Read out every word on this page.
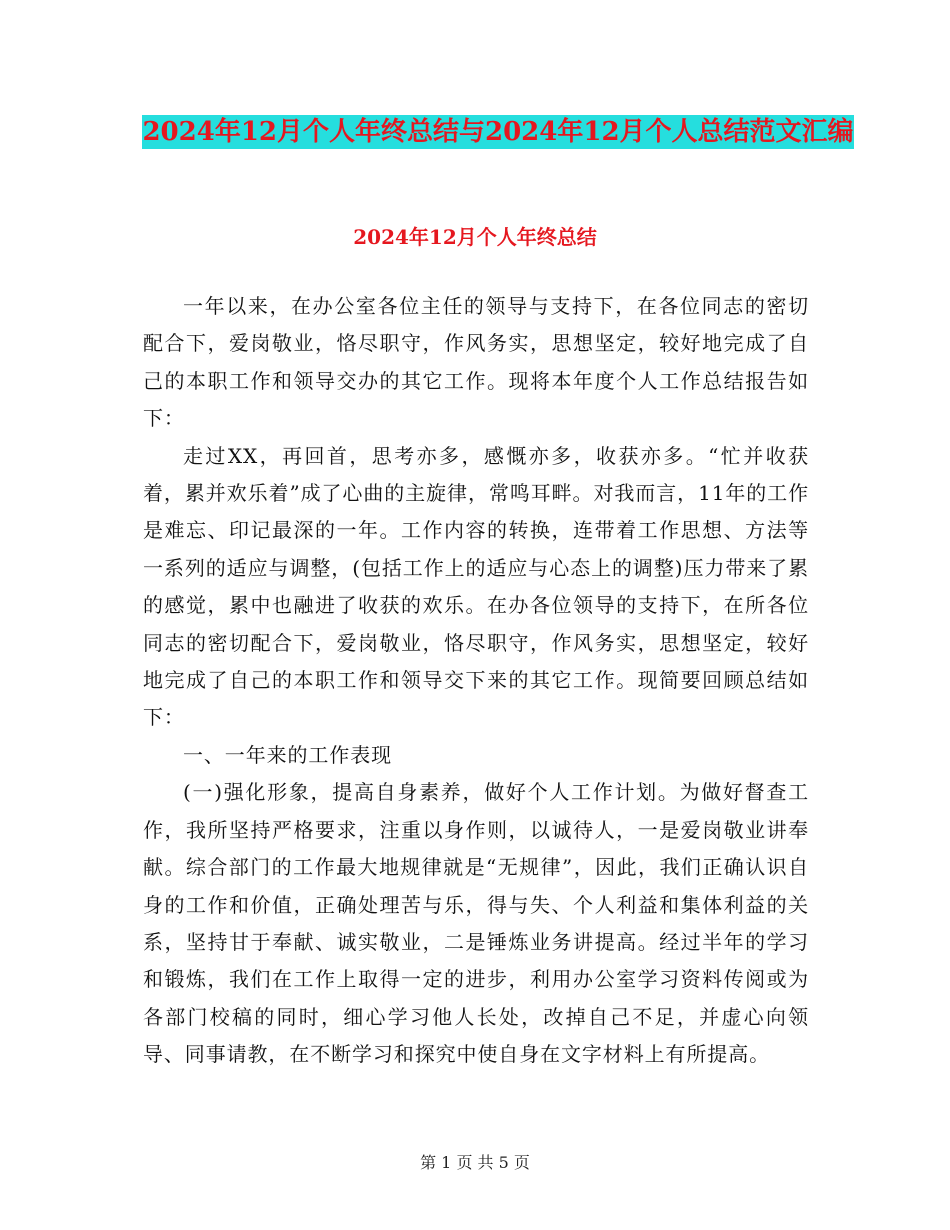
2024年12月个人年终总结与2024年12月个人总结范文汇编
2024年12月个人年终总结

一年以来，在办公室各位主任的领导与支持下，在各位同志的密切配合下，爱岗敬业，恪尽职守，作风务实，思想坚定，较好地完成了自己的本职工作和领导交办的其它工作。现将本年度个人工作总结报告如下：

走过XX，再回首，思考亦多，感慨亦多，收获亦多。“忙并收获着，累并欢乐着”成了心曲的主旋律，常鸣耳畔。对我而言，11年的工作是难忘、印记最深的一年。工作内容的转换，连带着工作思想、方法等一系列的适应与调整，(包括工作上的适应与心态上的调整)压力带来了累的感觉，累中也融进了收获的欢乐。在办各位领导的支持下，在所各位同志的密切配合下，爱岗敬业，恪尽职守，作风务实，思想坚定，较好地完成了自己的本职工作和领导交下来的其它工作。现简要回顾总结如下：

一、一年来的工作表现

(一)强化形象，提高自身素养，做好个人工作计划。为做好督查工作，我所坚持严格要求，注重以身作则，以诚待人，一是爱岗敬业讲奉献。综合部门的工作最大地规律就是“无规律”，因此，我们正确认识自身的工作和价值，正确处理苦与乐，得与失、个人利益和集体利益的关系，坚持甘于奉献、诚实敬业，二是锤炼业务讲提高。经过半年的学习和锻炼，我们在工作上取得一定的进步，利用办公室学习资料传阅或为各部门校稿的同时，细心学习他人长处，改掉自己不足，并虚心向领导、同事请教，在不断学习和探究中使自身在文字材料上有所提高。

第 1 页 共 5 页
